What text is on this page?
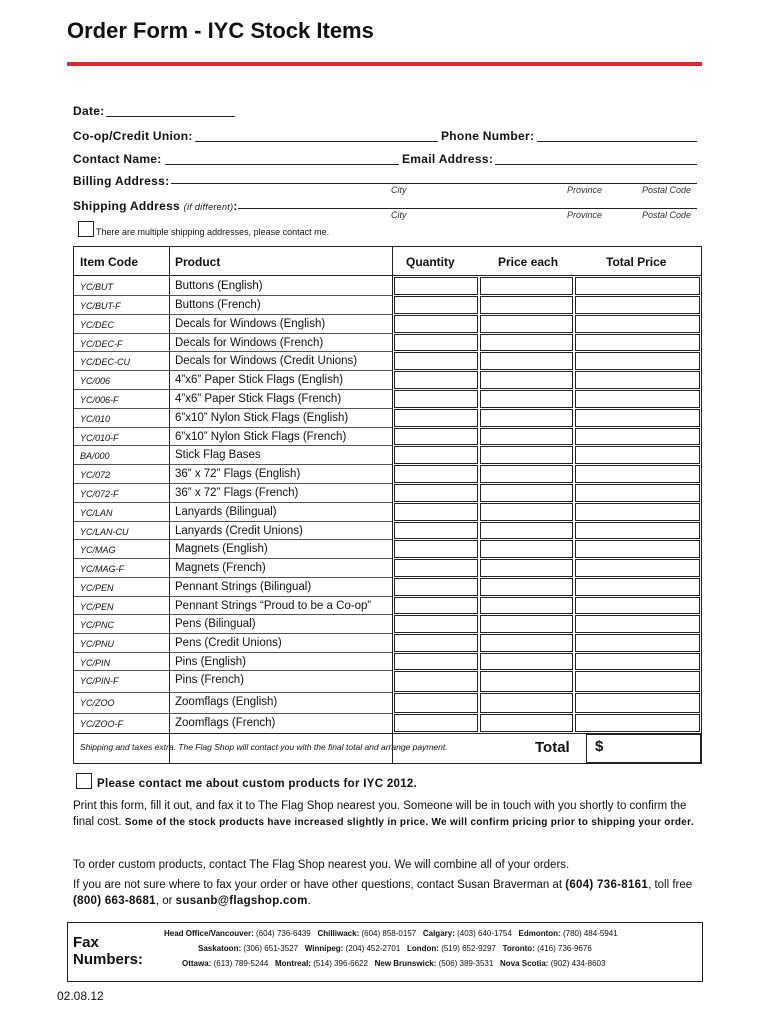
Order Form - IYC Stock Items
Date:
Co-op/Credit Union:	Phone Number:
Contact Name:	Email Address:
Billing Address:
City	Province	Postal Code
Shipping Address (if different):
City	Province	Postal Code
There are multiple shipping addresses, please contact me.
Item Code	Product	Quantity	Price each	Total Price
YC/BUT	Buttons (English)
YC/BUT-F	Buttons (French)
YC/DEC	Decals for Windows (English)
YC/DEC-F	Decals for Windows (French)
YC/DEC-CU	Decals for Windows (Credit Unions)
YC/006	4”x6” Paper Stick Flags (English)
YC/006-F	4”x6” Paper Stick Flags (French)
YC/010	6”x10” Nylon Stick Flags (English)
YC/010-F	6”x10” Nylon Stick Flags (French)
BA/000	Stick Flag Bases
YC/072	36” x 72” Flags (English)
YC/072-F	36” x 72” Flags (French)
YC/LAN	Lanyards (Bilingual)
YC/LAN-CU	Lanyards (Credit Unions)
YC/MAG	Magnets (English)
YC/MAG-F	Magnets (French)
YC/PEN	Pennant Strings (Bilingual)
YC/PEN	Pennant Strings “Proud to be a Co-op”
YC/PNC	Pens (Bilingual)
YC/PNU	Pens (Credit Unions)
YC/PIN	Pins (English)
YC/PIN-F	Pins (French)
YC/ZOO	Zoomflags (English)
YC/ZOO-F	Zoomflags (French)
Shipping and taxes extra. The Flag Shop will contact you with the final total and arrange payment.	Total $
Please contact me about custom products for IYC 2012.
Print this form, fill it out, and fax it to The Flag Shop nearest you. Someone will be in touch with you shortly to confirm the final cost. Some of the stock products have increased slightly in price. We will confirm pricing prior to shipping your order.
To order custom products, contact The Flag Shop nearest you. We will combine all of your orders.
If you are not sure where to fax your order or have other questions, contact Susan Braverman at (604) 736-8161, toll free (800) 663-8681, or susanb@flagshop.com.
Fax
Numbers:
Head Office/Vancouver: (604) 736-6439 Chilliwack: (604) 858-0157 Calgary: (403) 640-1754 Edmonton: (780) 484-5941
Saskatoon: (306) 651-3527 Winnipeg: (204) 452-2701 London: (519) 652-9297 Toronto: (416) 736-9676
Ottawa: (613) 789-5244 Montreal: (514) 396-6622 New Brunswick: (506) 389-3531 Nova Scotia: (902) 434-8603
02.08.12
